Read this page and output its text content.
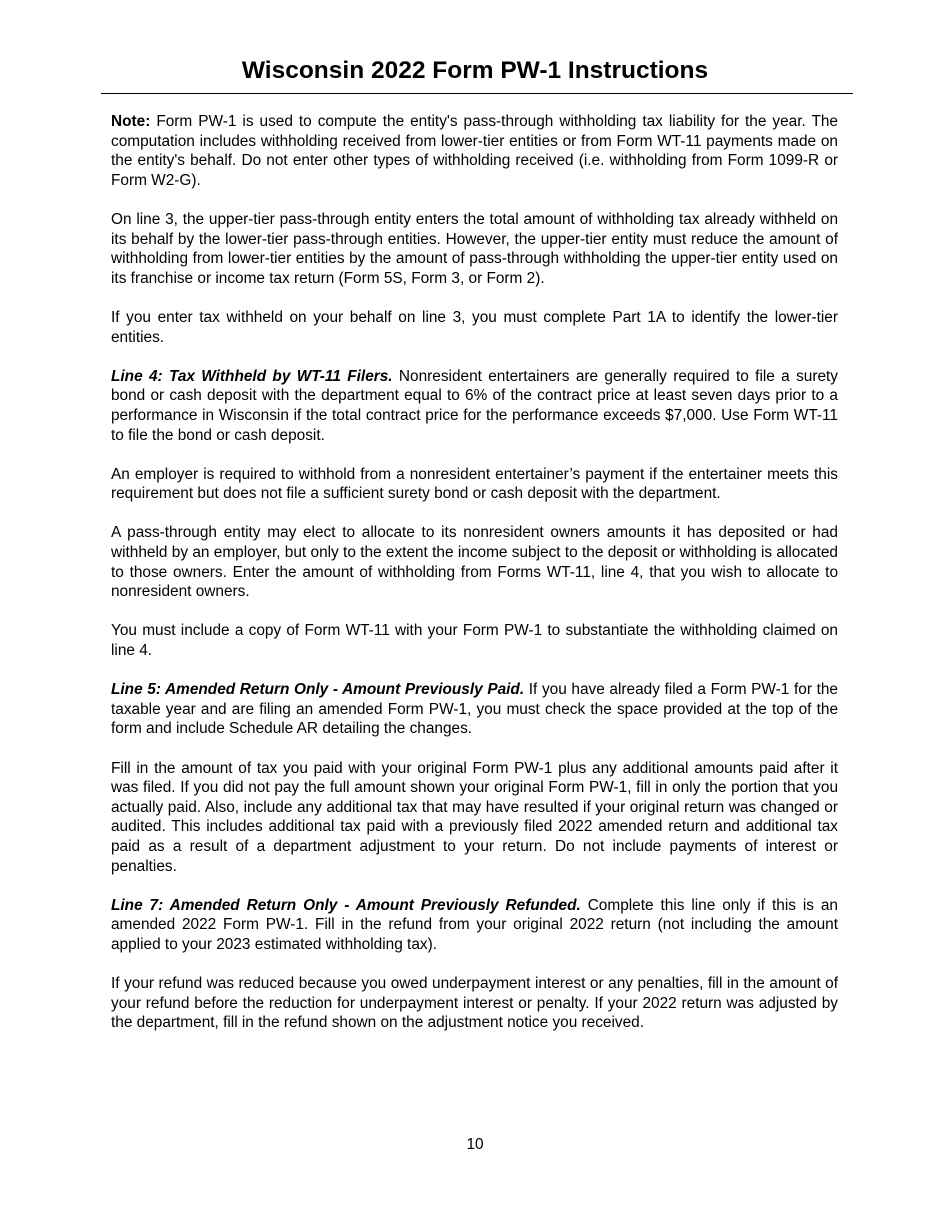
Wisconsin 2022 Form PW-1 Instructions

Note: Form PW-1 is used to compute the entity's pass-through withholding tax liability for the year. The computation includes withholding received from lower-tier entities or from Form WT-11 payments made on the entity's behalf. Do not enter other types of withholding received (i.e. withholding from Form 1099-R or Form W2-G).

On line 3, the upper-tier pass-through entity enters the total amount of withholding tax already withheld on its behalf by the lower-tier pass-through entities. However, the upper-tier entity must reduce the amount of withholding from lower-tier entities by the amount of pass-through withholding the upper-tier entity used on its franchise or income tax return (Form 5S, Form 3, or Form 2).

If you enter tax withheld on your behalf on line 3, you must complete Part 1A to identify the lower-tier entities.

Line 4: Tax Withheld by WT-11 Filers. Nonresident entertainers are generally required to file a surety bond or cash deposit with the department equal to 6% of the contract price at least seven days prior to a performance in Wisconsin if the total contract price for the performance exceeds $7,000. Use Form WT-11 to file the bond or cash deposit.

An employer is required to withhold from a nonresident entertainer’s payment if the entertainer meets this requirement but does not file a sufficient surety bond or cash deposit with the department.

A pass-through entity may elect to allocate to its nonresident owners amounts it has deposited or had withheld by an employer, but only to the extent the income subject to the deposit or withholding is allocated to those owners. Enter the amount of withholding from Forms WT-11, line 4, that you wish to allocate to nonresident owners.

You must include a copy of Form WT-11 with your Form PW-1 to substantiate the withholding claimed on line 4.

Line 5: Amended Return Only - Amount Previously Paid. If you have already filed a Form PW-1 for the taxable year and are filing an amended Form PW-1, you must check the space provided at the top of the form and include Schedule AR detailing the changes.

Fill in the amount of tax you paid with your original Form PW-1 plus any additional amounts paid after it was filed. If you did not pay the full amount shown your original Form PW-1, fill in only the portion that you actually paid. Also, include any additional tax that may have resulted if your original return was changed or audited. This includes additional tax paid with a previously filed 2022 amended return and additional tax paid as a result of a department adjustment to your return. Do not include payments of interest or penalties.

Line 7: Amended Return Only - Amount Previously Refunded. Complete this line only if this is an amended 2022 Form PW-1. Fill in the refund from your original 2022 return (not including the amount applied to your 2023 estimated withholding tax).

If your refund was reduced because you owed underpayment interest or any penalties, fill in the amount of your refund before the reduction for underpayment interest or penalty. If your 2022 return was adjusted by the department, fill in the refund shown on the adjustment notice you received.

10
